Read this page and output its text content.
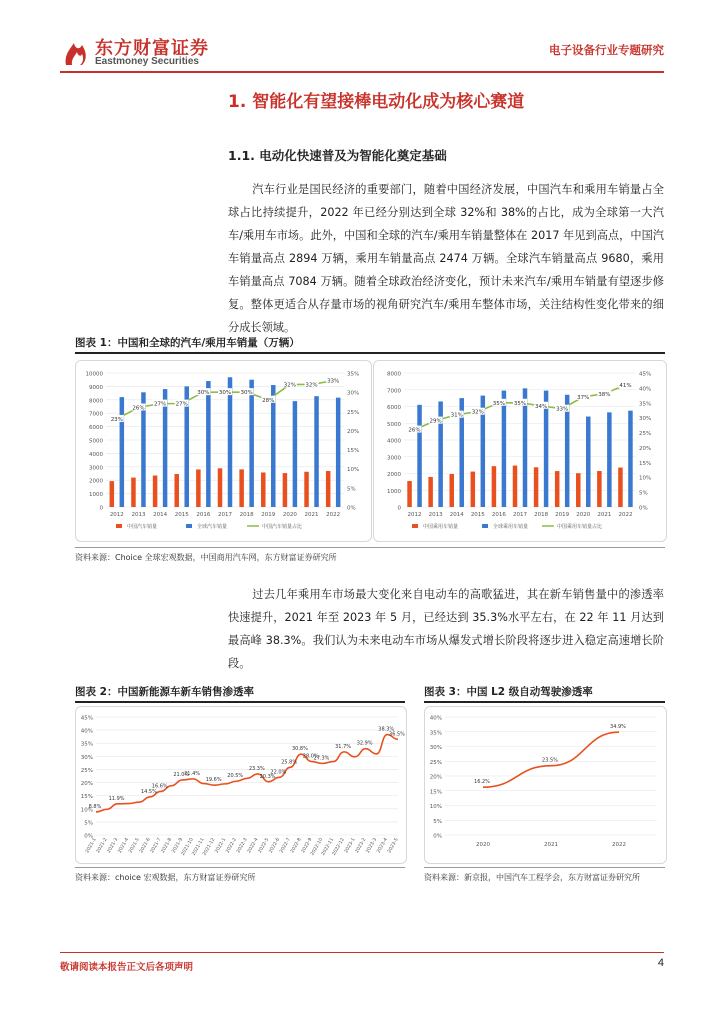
东方财富证券
Eastmoney Securities
电子设备行业专题研究
1. 智能化有望接棒电动化成为核心赛道
1.1. 电动化快速普及为智能化奠定基础
汽车行业是国民经济的重要部门，随着中国经济发展，中国汽车和乘用车销量占全球占比持续提升，2022 年已经分别达到全球 32%和 38%的占比，成为全球第一大汽车/乘用车市场。此外，中国和全球的汽车/乘用车销量整体在 2017 年见到高点，中国汽车销量高点 2894 万辆，乘用车销量高点 2474 万辆。全球汽车销量高点 9680，乘用车销量高点 7084 万辆。随着全球政治经济变化，预计未来汽车/乘用车销量有望逐步修复。整体更适合从存量市场的视角研究汽车/乘用车整体市场，关注结构性变化带来的细分成长领域。
图表 1：中国和全球的汽车/乘用车销量（万辆）
0
1000
2000
3000
4000
5000
6000
7000
8000
9000
10000
0%
5%
10%
15%
20%
25%
30%
35%
2012 2013 2014 2015 2016 2017 2018 2019 2020 2021 2022
23%
26%
27% 27%
30% 30% 30%
28%
32% 32%
33%
中国汽车销量	全球汽车销量	中国汽车销量占比
0
1000
2000
3000
4000
5000
6000
7000
8000
0%
5%
10%
15%
20%
25%
30%
35%
40%
45%
2012 2013 2014 2015 2016 2017 2018 2019 2020 2021 2022
26%
29%
31% 32%
35% 35% 34% 33%
37% 38%
41%
中国乘用车销量	全球乘用车销量	中国乘用车销量占比
资料来源：Choice 全球宏观数据，中国商用汽车网，东方财富证券研究所
过去几年乘用车市场最大变化来自电动车的高歌猛进，其在新车销售量中的渗透率快速提升，2021 年至 2023 年 5 月，已经达到 35.3%水平左右，在 22 年 11 月达到最高峰 38.3%。我们认为未来电动车市场从爆发式增长阶段将逐步进入稳定高速增长阶段。
图表 2：中国新能源车新车销售渗透率	图表 3：中国 L2 级自动驾驶渗透率
0%
5%
10%
15%
20%
25%
30%
35%
40%
45%
8.8%
11.9%
14.5%
16.6%
21.0%
21.4%
19.6%
20.5%
23.3%
20.3%
22.0%
25.8%
30.8%
28.0%
27.3%
31.7%
32.9%
38.3%
36.5%
2021-1
2021-2
2021-3
2021-4
2021-5
2021-6
2021-7
2021-8
2021-9
2021-10
2021-11
2021-12
2022-1
2022-2
2022-3
2022-4
2022-5
2022-6
2022-7
2022-8
2022-9
2022-10
2022-11
2022-12
2023-1
2023-2
2023-3
2023-4
2023-5
0%
5%
10%
15%
20%
25%
30%
35%
40%
16.2%
23.5%
34.9%
2020	2021	2022
资料来源：choice 宏观数据，东方财富证券研究所	资料来源：新京报，中国汽车工程学会，东方财富证券研究所
敬请阅读本报告正文后各项声明	4
